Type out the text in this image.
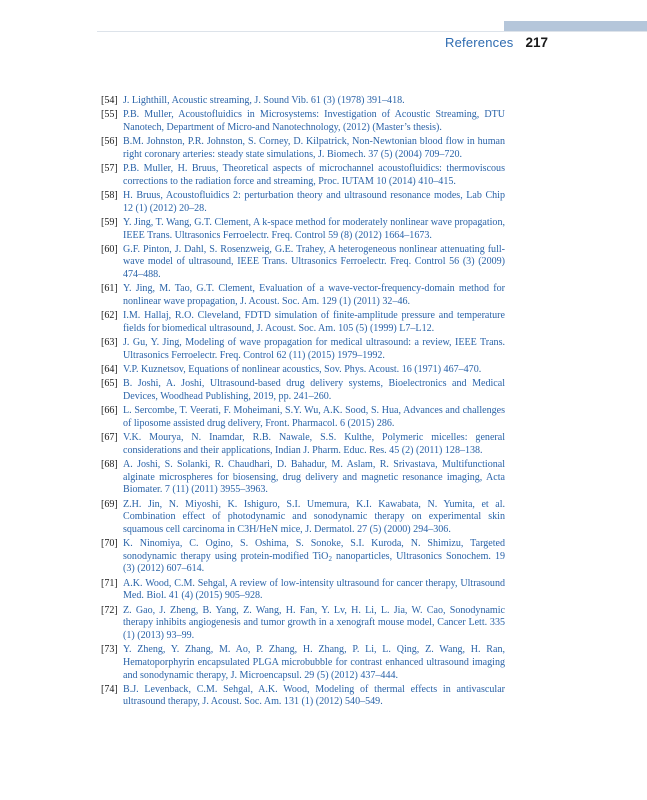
References 217
[54] J. Lighthill, Acoustic streaming, J. Sound Vib. 61 (3) (1978) 391–418.
[55] P.B. Muller, Acoustofluidics in Microsystems: Investigation of Acoustic Streaming, DTU Nanotech, Department of Micro-and Nanotechnology, (2012) (Master’s thesis).
[56] B.M. Johnston, P.R. Johnston, S. Corney, D. Kilpatrick, Non-Newtonian blood flow in human right coronary arteries: steady state simulations, J. Biomech. 37 (5) (2004) 709–720.
[57] P.B. Muller, H. Bruus, Theoretical aspects of microchannel acoustofluidics: thermoviscous corrections to the radiation force and streaming, Proc. IUTAM 10 (2014) 410–415.
[58] H. Bruus, Acoustofluidics 2: perturbation theory and ultrasound resonance modes, Lab Chip 12 (1) (2012) 20–28.
[59] Y. Jing, T. Wang, G.T. Clement, A k-space method for moderately nonlinear wave propagation, IEEE Trans. Ultrasonics Ferroelectr. Freq. Control 59 (8) (2012) 1664–1673.
[60] G.F. Pinton, J. Dahl, S. Rosenzweig, G.E. Trahey, A heterogeneous nonlinear attenuating full-wave model of ultrasound, IEEE Trans. Ultrasonics Ferroelectr. Freq. Control 56 (3) (2009) 474–488.
[61] Y. Jing, M. Tao, G.T. Clement, Evaluation of a wave-vector-frequency-domain method for nonlinear wave propagation, J. Acoust. Soc. Am. 129 (1) (2011) 32–46.
[62] I.M. Hallaj, R.O. Cleveland, FDTD simulation of finite-amplitude pressure and temperature fields for biomedical ultrasound, J. Acoust. Soc. Am. 105 (5) (1999) L7–L12.
[63] J. Gu, Y. Jing, Modeling of wave propagation for medical ultrasound: a review, IEEE Trans. Ultrasonics Ferroelectr. Freq. Control 62 (11) (2015) 1979–1992.
[64] V.P. Kuznetsov, Equations of nonlinear acoustics, Sov. Phys. Acoust. 16 (1971) 467–470.
[65] B. Joshi, A. Joshi, Ultrasound-based drug delivery systems, Bioelectronics and Medical Devices, Woodhead Publishing, 2019, pp. 241–260.
[66] L. Sercombe, T. Veerati, F. Moheimani, S.Y. Wu, A.K. Sood, S. Hua, Advances and challenges of liposome assisted drug delivery, Front. Pharmacol. 6 (2015) 286.
[67] V.K. Mourya, N. Inamdar, R.B. Nawale, S.S. Kulthe, Polymeric micelles: general considerations and their applications, Indian J. Pharm. Educ. Res. 45 (2) (2011) 128–138.
[68] A. Joshi, S. Solanki, R. Chaudhari, D. Bahadur, M. Aslam, R. Srivastava, Multifunctional alginate microspheres for biosensing, drug delivery and magnetic resonance imaging, Acta Biomater. 7 (11) (2011) 3955–3963.
[69] Z.H. Jin, N. Miyoshi, K. Ishiguro, S.I. Umemura, K.I. Kawabata, N. Yumita, et al. Combination effect of photodynamic and sonodynamic therapy on experimental skin squamous cell carcinoma in C3H/HeN mice, J. Dermatol. 27 (5) (2000) 294–306.
[70] K. Ninomiya, C. Ogino, S. Oshima, S. Sonoke, S.I. Kuroda, N. Shimizu, Targeted sonodynamic therapy using protein-modified TiO$_2$ nanoparticles, Ultrasonics Sonochem. 19 (3) (2012) 607–614.
[71] A.K. Wood, C.M. Sehgal, A review of low-intensity ultrasound for cancer therapy, Ultrasound Med. Biol. 41 (4) (2015) 905–928.
[72] Z. Gao, J. Zheng, B. Yang, Z. Wang, H. Fan, Y. Lv, H. Li, L. Jia, W. Cao, Sonodynamic therapy inhibits angiogenesis and tumor growth in a xenograft mouse model, Cancer Lett. 335 (1) (2013) 93–99.
[73] Y. Zheng, Y. Zhang, M. Ao, P. Zhang, H. Zhang, P. Li, L. Qing, Z. Wang, H. Ran, Hematoporphyrin encapsulated PLGA microbubble for contrast enhanced ultrasound imaging and sonodynamic therapy, J. Microencapsul. 29 (5) (2012) 437–444.
[74] B.J. Levenback, C.M. Sehgal, A.K. Wood, Modeling of thermal effects in antivascular ultrasound therapy, J. Acoust. Soc. Am. 131 (1) (2012) 540–549.
